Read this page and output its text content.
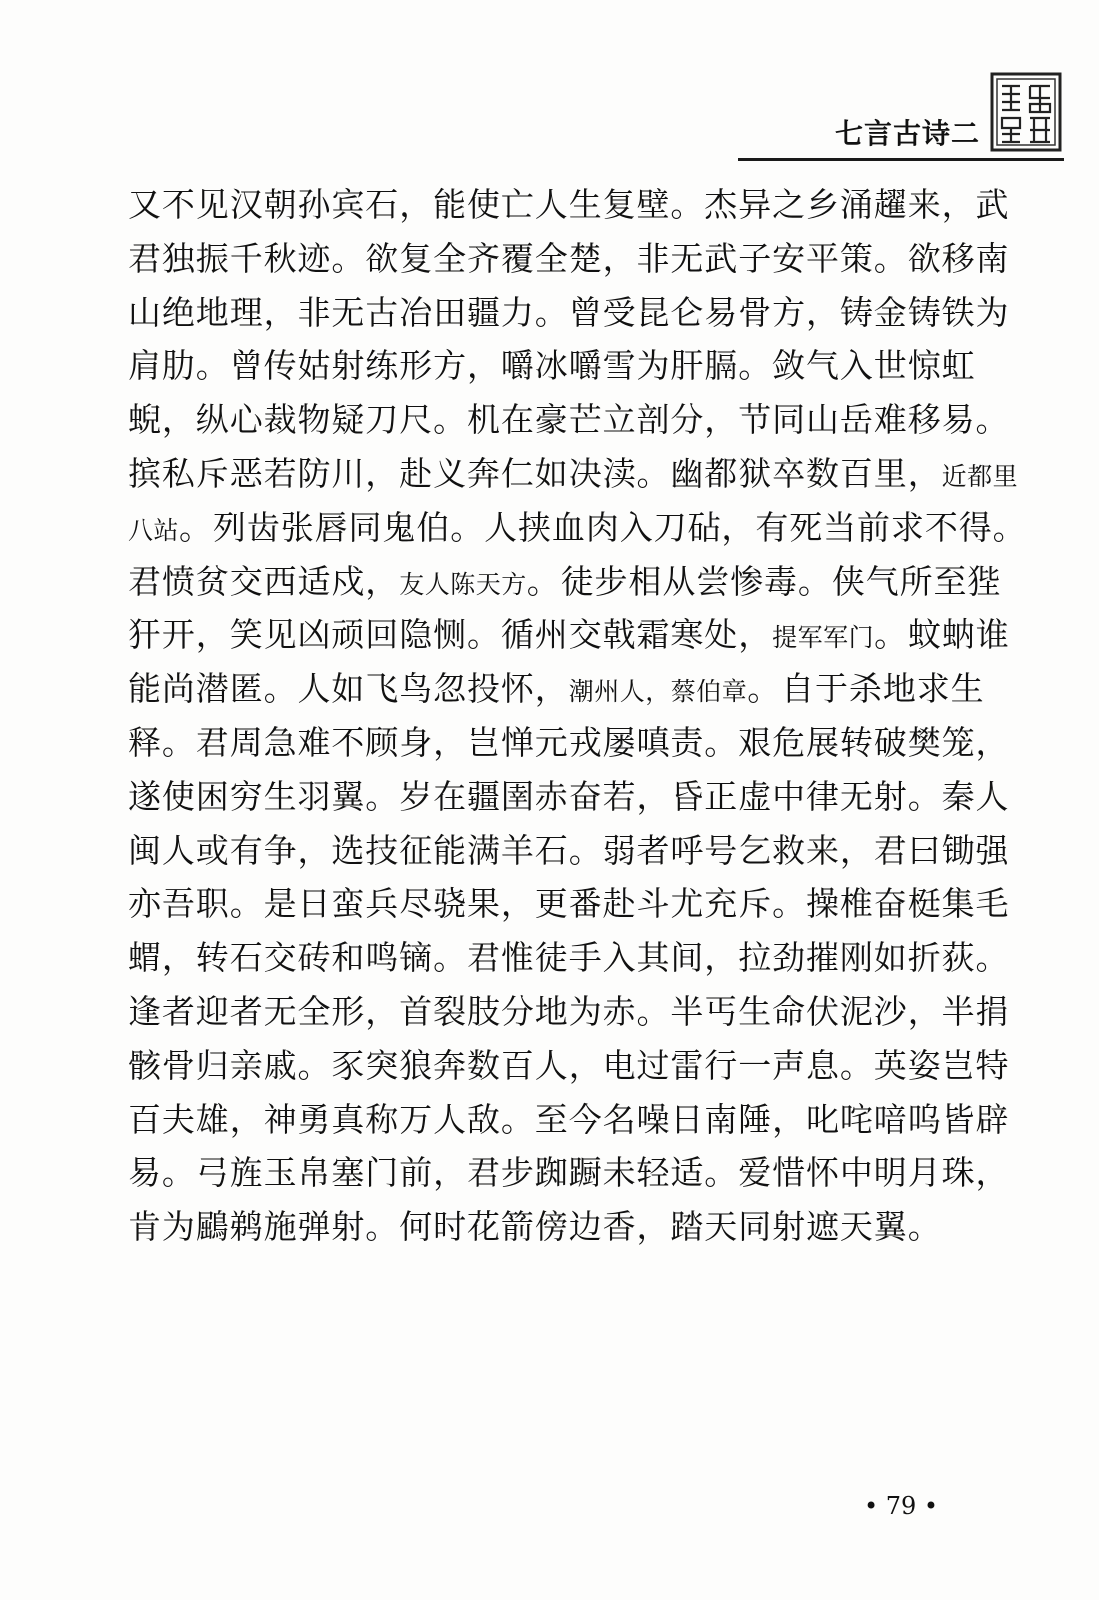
七言古诗二
印
又不见汉朝孙宾石，能使亡人生复壁。杰异之乡涌趯来，武
君独振千秋迹。欲复全齐覆全楚，非无武子安平策。欲移南
山绝地理，非无古冶田疆力。曾受昆仑易骨方，铸金铸铁为
肩肋。曾传姑射练形方，嚼冰嚼雪为肝膈。敛气入世惊虹
蜺，纵心裁物疑刀尺。机在豪芒立剖分，节同山岳难移易。
摈私斥恶若防川，赴义奔仁如决渎。幽都狱卒数百里，近都里
八站。列齿张唇同鬼伯。人挟血肉入刀砧，有死当前求不得。
君愤贫交西适戍，友人陈天方。徒步相从尝惨毒。侠气所至狴
犴开，笑见凶顽回隐恻。循州交戟霜寒处，提军军门。蚊蚋谁
能尚潜匿。人如飞鸟忽投怀，潮州人，蔡伯章。自于杀地求生
释。君周急难不顾身，岂惮元戎屡嗔责。艰危展转破樊笼，
遂使困穷生羽翼。岁在疆圉赤奋若，昏正虚中律无射。秦人
闽人或有争，选技征能满羊石。弱者呼号乞救来，君曰锄强
亦吾职。是日蛮兵尽骁果，更番赴斗尤充斥。操椎奋梃集毛
蝟，转石交砖和鸣镝。君惟徒手入其间，拉劲摧刚如折荻。
逢者迎者无全形，首裂肢分地为赤。半丐生命伏泥沙，半捐
骸骨归亲戚。豕突狼奔数百人，电过雷行一声息。英姿岂特
百夫雄，神勇真称万人敌。至今名噪日南陲，叱咤喑呜皆辟
易。弓旌玉帛塞门前，君步踟蹰未轻适。爱惜怀中明月珠，
肯为鶌鹈施弹射。何时花箭傍边香，踏天同射遮天翼。
• 79 •
